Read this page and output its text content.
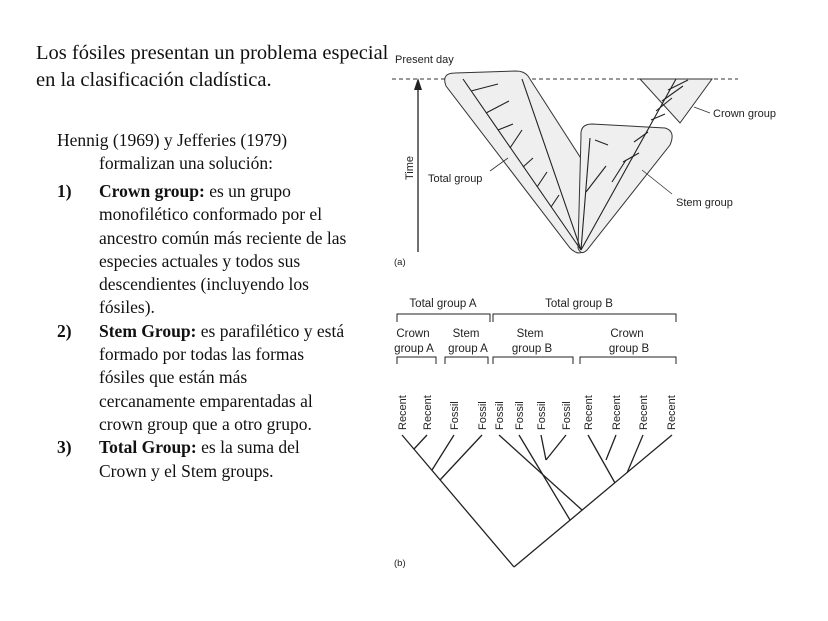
Los fósiles presentan un problema especial en la clasificación cladística.
Hennig (1969) y Jefferies (1979)
formalizan una solución:
1) Crown group: es un grupo monofilético conformado por el ancestro común más reciente de las especies actuales y todos sus descendientes (incluyendo los fósiles).
2) Stem Group: es parafilético y está formado por todas las formas fósiles que están más cercanamente emparentadas al crown group que a otro grupo.
3) Total Group: es la suma del Crown y el Stem groups.
Present day
Time Total group
Crown group
Stem group
(a)
Total group A	Total group B
Crown
group A
Stem
group A
Stem
group B
Crown
group B
Recent Recent Fossil Fossil Fossil Fossil Fossil Fossil Recent Recent Recent Recent
(b)
